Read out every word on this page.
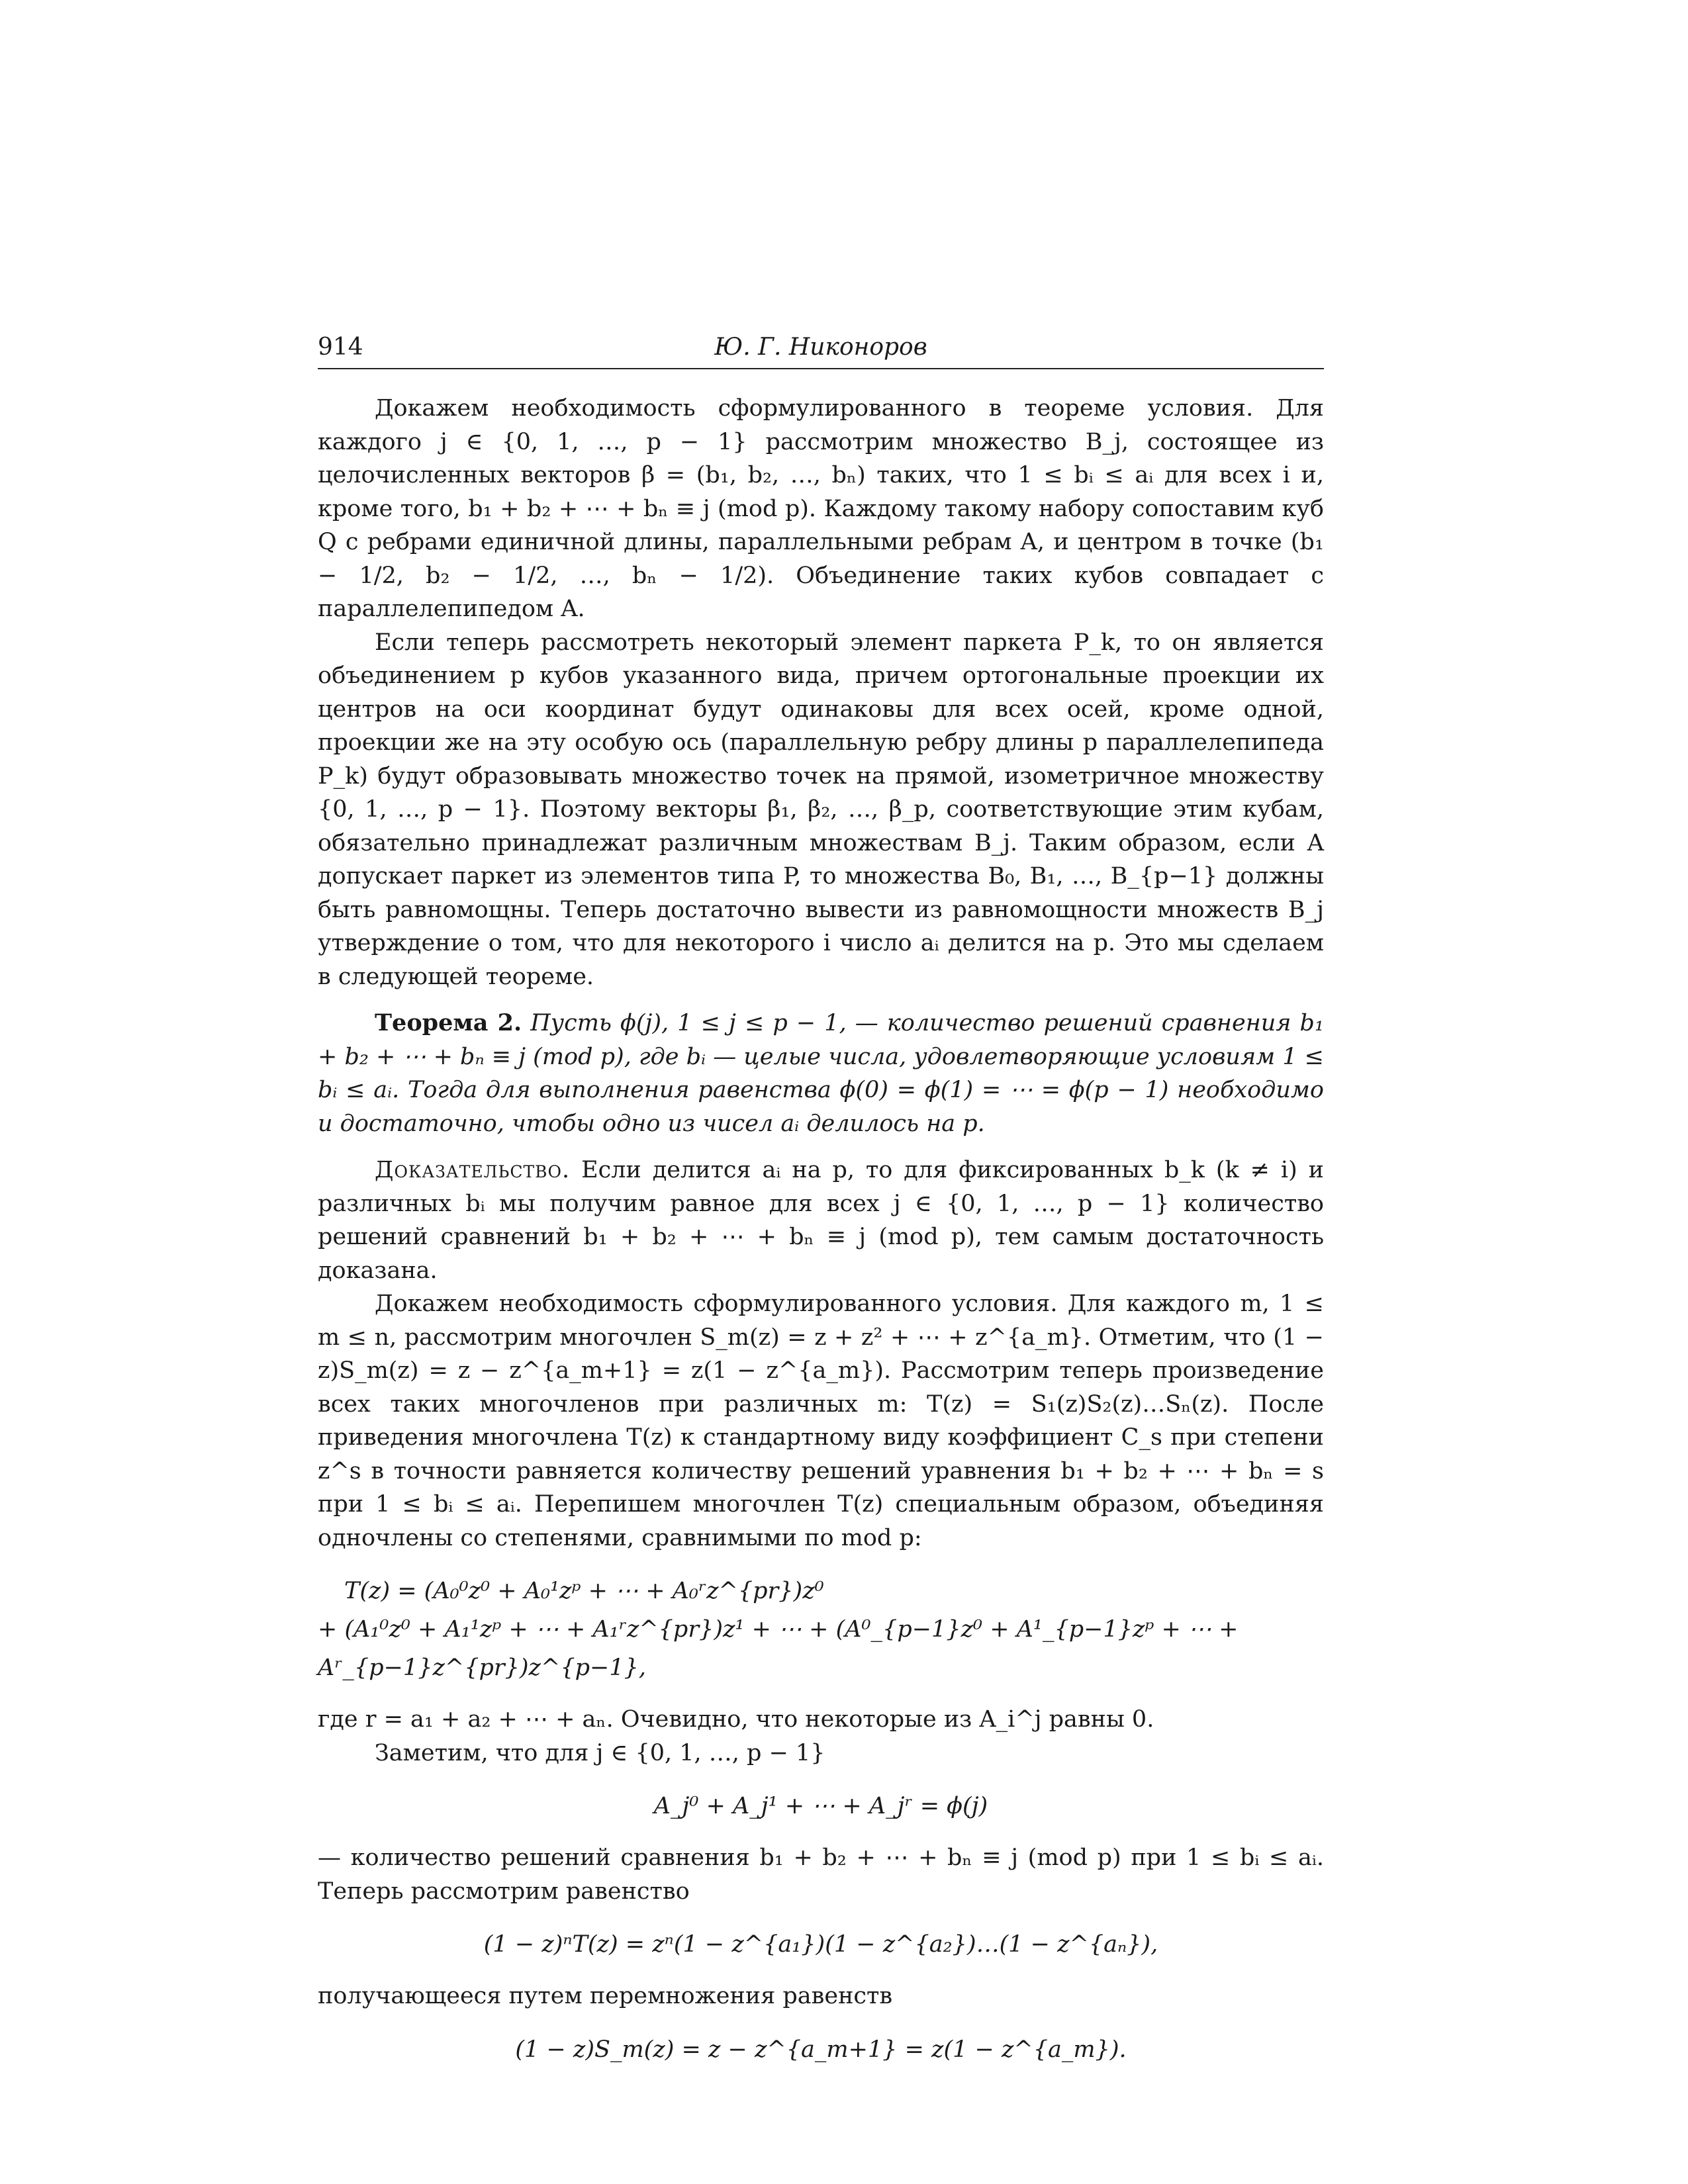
914	Ю. Г. Никоноров

Докажем необходимость сформулированного в теореме условия. Для каждого j ∈ {0, 1, …, p − 1} рассмотрим множество B_j, состоящее из целочисленных векторов β = (b₁, b₂, …, bₙ) таких, что 1 ≤ bᵢ ≤ aᵢ для всех i и, кроме того, b₁ + b₂ + ⋯ + bₙ ≡ j (mod p). Каждому такому набору сопоставим куб Q с ребрами единичной длины, параллельными ребрам A, и центром в точке (b₁ − 1/2, b₂ − 1/2, …, bₙ − 1/2). Объединение таких кубов совпадает с параллелепипедом A.

Если теперь рассмотреть некоторый элемент паркета P_k, то он является объединением p кубов указанного вида, причем ортогональные проекции их центров на оси координат будут одинаковы для всех осей, кроме одной, проекции же на эту особую ось (параллельную ребру длины p параллелепипеда P_k) будут образовывать множество точек на прямой, изометричное множеству {0, 1, …, p − 1}. Поэтому векторы β₁, β₂, …, β_p, соответствующие этим кубам, обязательно принадлежат различным множествам B_j. Таким образом, если A допускает паркет из элементов типа P, то множества B₀, B₁, …, B_{p−1} должны быть равномощны. Теперь достаточно вывести из равномощности множеств B_j утверждение о том, что для некоторого i число aᵢ делится на p. Это мы сделаем в следующей теореме.

Теорема 2. Пусть ϕ(j), 1 ≤ j ≤ p − 1, — количество решений сравнения b₁ + b₂ + ⋯ + bₙ ≡ j (mod p), где bᵢ — целые числа, удовлетворяющие условиям 1 ≤ bᵢ ≤ aᵢ. Тогда для выполнения равенства ϕ(0) = ϕ(1) = ⋯ = ϕ(p − 1) необходимо и достаточно, чтобы одно из чисел aᵢ делилось на p.

Доказательство. Если делится aᵢ на p, то для фиксированных b_k (k ≠ i) и различных bᵢ мы получим равное для всех j ∈ {0, 1, …, p − 1} количество решений сравнений b₁ + b₂ + ⋯ + bₙ ≡ j (mod p), тем самым достаточность доказана.

Докажем необходимость сформулированного условия. Для каждого m, 1 ≤ m ≤ n, рассмотрим многочлен S_m(z) = z + z² + ⋯ + z^{a_m}. Отметим, что (1 − z)S_m(z) = z − z^{a_m+1} = z(1 − z^{a_m}). Рассмотрим теперь произведение всех таких многочленов при различных m: T(z) = S₁(z)S₂(z)…Sₙ(z). После приведения многочлена T(z) к стандартному виду коэффициент C_s при степени z^s в точности равняется количеству решений уравнения b₁ + b₂ + ⋯ + bₙ = s при 1 ≤ bᵢ ≤ aᵢ. Перепишем многочлен T(z) специальным образом, объединяя одночлены со степенями, сравнимыми по mod p:

T(z) = (A₀⁰z⁰ + A₀¹zᵖ + ⋯ + A₀ʳz^{pr})z⁰

+ (A₁⁰z⁰ + A₁¹zᵖ + ⋯ + A₁ʳz^{pr})z¹ + ⋯ + (A⁰_{p−1}z⁰ + A¹_{p−1}zᵖ + ⋯ + Aʳ_{p−1}z^{pr})z^{p−1},

где r = a₁ + a₂ + ⋯ + aₙ. Очевидно, что некоторые из A_i^j равны 0.

Заметим, что для j ∈ {0, 1, …, p − 1}

A_j⁰ + A_j¹ + ⋯ + A_jʳ = ϕ(j)

— количество решений сравнения b₁ + b₂ + ⋯ + bₙ ≡ j (mod p) при 1 ≤ bᵢ ≤ aᵢ. Теперь рассмотрим равенство

(1 − z)ⁿT(z) = zⁿ(1 − z^{a₁})(1 − z^{a₂})…(1 − z^{aₙ}),

получающееся путем перемножения равенств

(1 − z)S_m(z) = z − z^{a_m+1} = z(1 − z^{a_m}).
